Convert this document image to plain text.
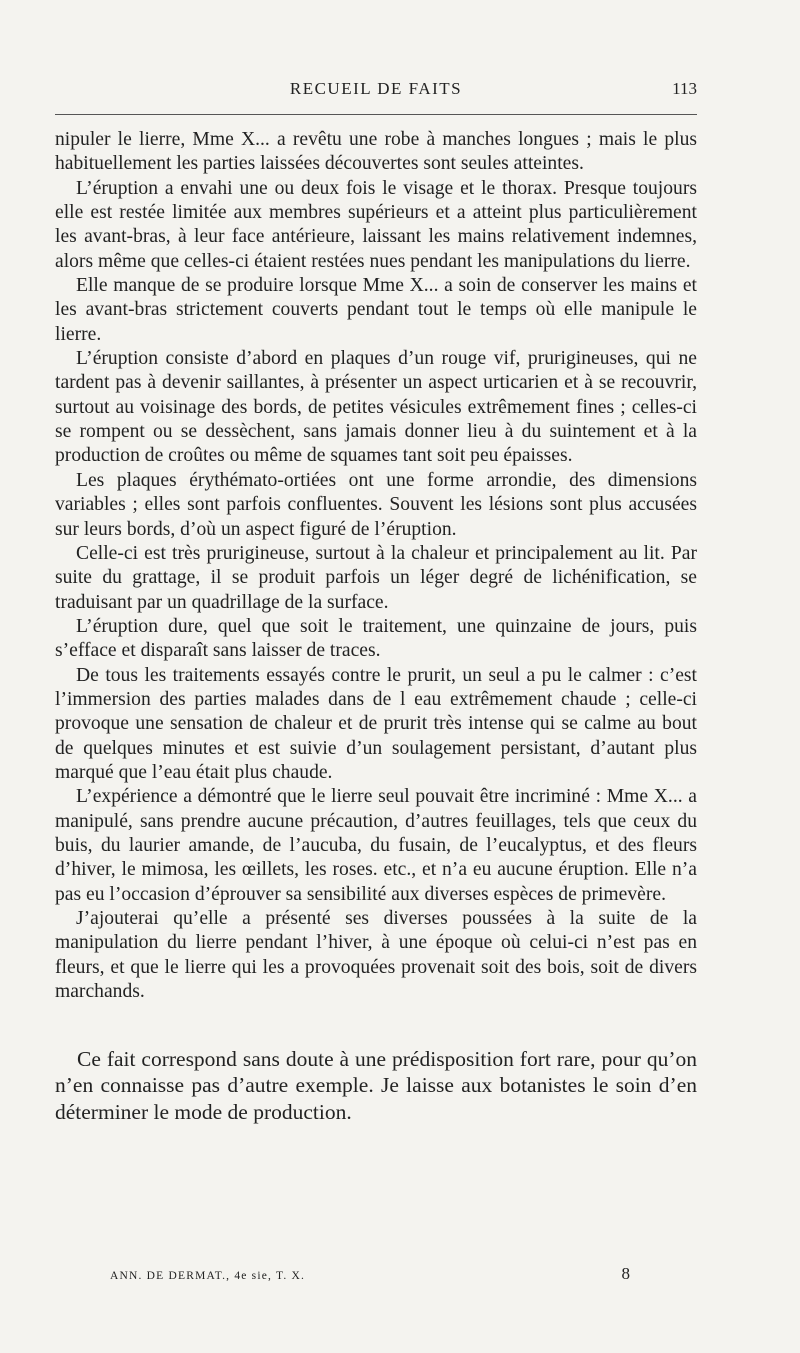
RECUEIL DE FAITS	113

nipuler le lierre, Mme X... a revêtu une robe à manches longues ; mais le plus habituellement les parties laissées découvertes sont seules atteintes.

L’éruption a envahi une ou deux fois le visage et le thorax. Presque toujours elle est restée limitée aux membres supérieurs et a atteint plus particulièrement les avant-bras, à leur face antérieure, laissant les mains relativement indemnes, alors même que celles-ci étaient restées nues pendant les manipulations du lierre.

Elle manque de se produire lorsque Mme X... a soin de conserver les mains et les avant-bras strictement couverts pendant tout le temps où elle manipule le lierre.

L’éruption consiste d’abord en plaques d’un rouge vif, prurigineuses, qui ne tardent pas à devenir saillantes, à présenter un aspect urticarien et à se recouvrir, surtout au voisinage des bords, de petites vésicules extrêmement fines ; celles-ci se rompent ou se dessèchent, sans jamais donner lieu à du suintement et à la production de croûtes ou même de squames tant soit peu épaisses.

Les plaques érythémato-ortiées ont une forme arrondie, des dimensions variables ; elles sont parfois confluentes. Souvent les lésions sont plus accusées sur leurs bords, d’où un aspect figuré de l’éruption.

Celle-ci est très prurigineuse, surtout à la chaleur et principalement au lit. Par suite du grattage, il se produit parfois un léger degré de lichénification, se traduisant par un quadrillage de la surface.

L’éruption dure, quel que soit le traitement, une quinzaine de jours, puis s’efface et disparaît sans laisser de traces.

De tous les traitements essayés contre le prurit, un seul a pu le calmer : c’est l’immersion des parties malades dans de l eau extrêmement chaude ; celle-ci provoque une sensation de chaleur et de prurit très intense qui se calme au bout de quelques minutes et est suivie d’un soulagement persistant, d’autant plus marqué que l’eau était plus chaude.

L’expérience a démontré que le lierre seul pouvait être incriminé : Mme X... a manipulé, sans prendre aucune précaution, d’autres feuillages, tels que ceux du buis, du laurier amande, de l’aucuba, du fusain, de l’eucalyptus, et des fleurs d’hiver, le mimosa, les œillets, les roses. etc., et n’a eu aucune éruption. Elle n’a pas eu l’occasion d’éprouver sa sensibilité aux diverses espèces de primevère.

J’ajouterai qu’elle a présenté ses diverses poussées à la suite de la manipulation du lierre pendant l’hiver, à une époque où celui-ci n’est pas en fleurs, et que le lierre qui les a provoquées provenait soit des bois, soit de divers marchands.

Ce fait correspond sans doute à une prédisposition fort rare, pour qu’on n’en connaisse pas d’autre exemple. Je laisse aux botanistes le soin d’en déterminer le mode de production.

ANN. DE DERMAT., 4e sie, T. X.	8
